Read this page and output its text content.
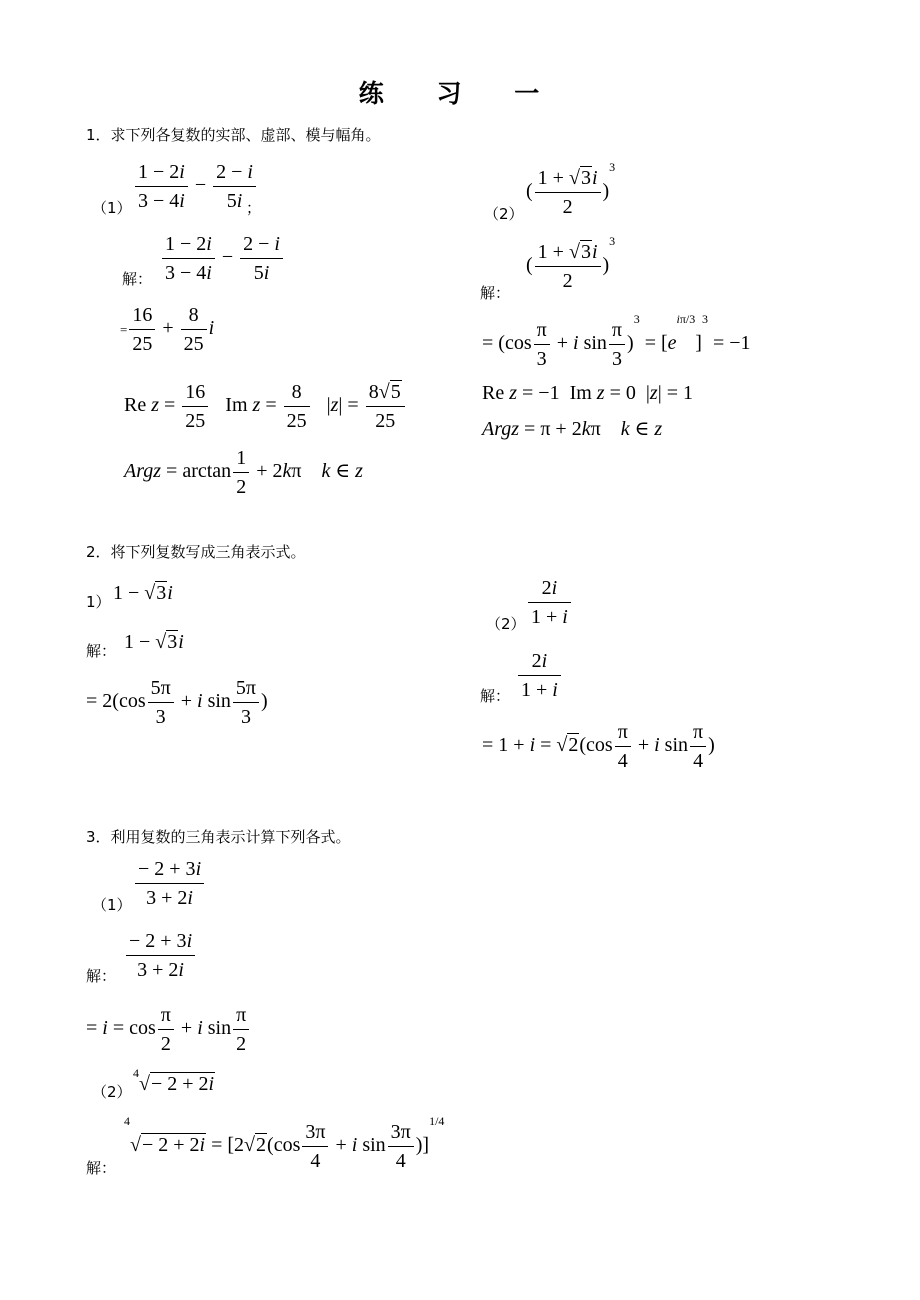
练 习 一
1．求下列各复数的实部、虚部、模与幅角。
$(1) \frac{1 - 2i}{3 - 4i} - \frac{2 - i}{5i}$
；
解： $\frac{1 - 2i}{3 - 4i} - \frac{2 - i}{5i}$
= $\frac{16}{25} + \frac{8}{25}$ i
Re $z = \frac{16}{25}$ Im $z = \frac{8}{25} |z| = \frac{8√5}{25}$
Argz = $\arctan \frac{1}{2} + 2k\pi$    k ∈ z
（2）
( $\frac{1 + √3i}{2} )^3$
解：
( $\frac{1 + √3i}{2} )^3$
= ($\cos \frac{\pi}{3} + i$ $\sin \frac{\pi}{3} )^3 = [e^{i\pi/3}]^3 = -1$
Re z = −1  Im z = 0  |z| = 1
Argz = π + 2kπ    k ∈ z
2．将下列复数写成三角表示式。
1） 1 − √3i
解： 1 − √3i
= $2(\cos \frac{5\pi}{3} + i$ $\sin \frac{5\pi}{3}$ )
$(2) \frac{2i}{1 + i}$
解： $\frac{2i}{1 + i}$
= $1 + i = √2(\cos \frac{\pi}{4} + i$ $\sin \frac{\pi}{4}$ )
3．利用复数的三角表示计算下列各式。
$(1) \frac{- 2 + 3i}{3 + 2i}$
解： $\frac{- 2 + 3i}{3 + 2i}$
= $i = \cos \frac{\pi}{2} + i$ $\sin \frac{\pi}{2}$
（2）
$^4$√− 2 + 2i
解：
$^4√- 2 + 2i = [2√2(\cos \frac{3\pi}{4} + i$ $\sin \frac{3\pi}{4} )]^{1/4}$
